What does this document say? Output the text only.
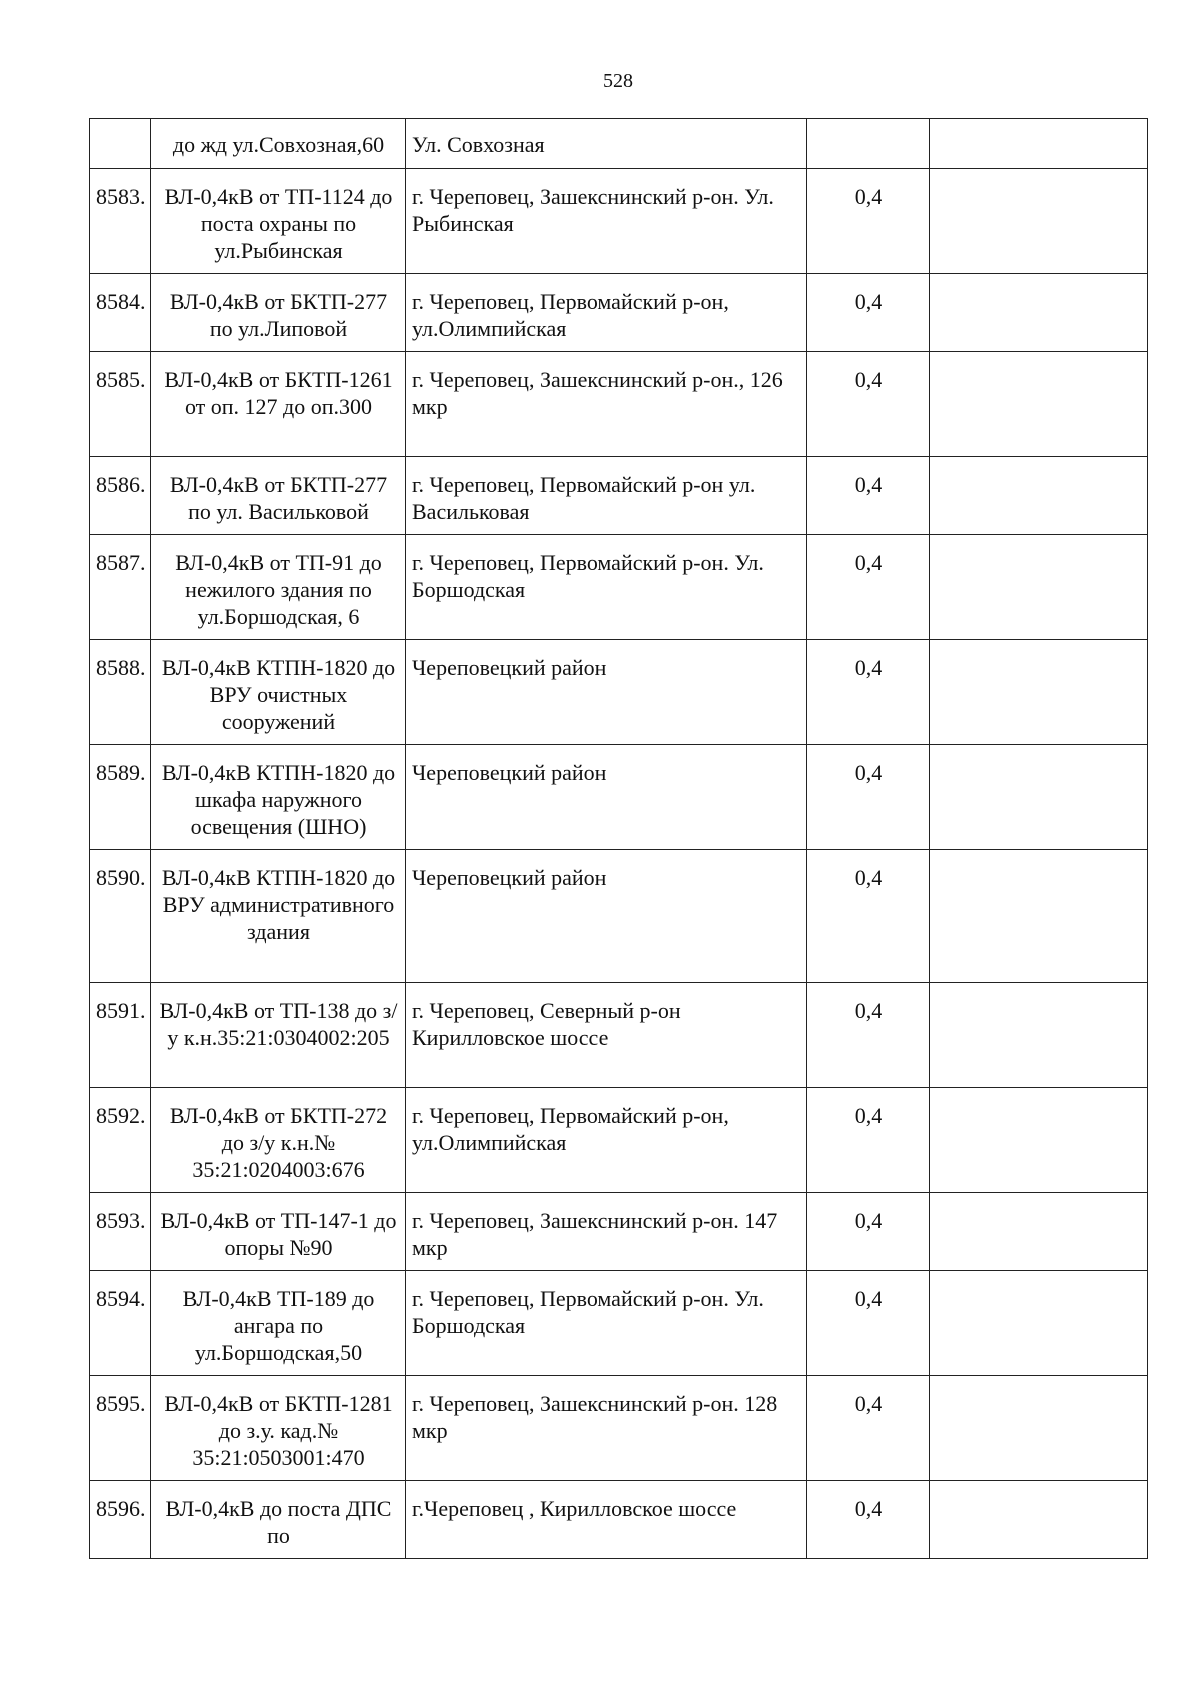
528
	до жд ул.Совхозная,60	Ул. Совхозная		
8583.	ВЛ-0,4кВ от ТП-1124 до поста охраны по ул.Рыбинская	г. Череповец, Зашекснинский р-он. Ул. Рыбинская	0,4	
8584.	ВЛ-0,4кВ от БКТП-277 по ул.Липовой	г. Череповец, Первомайский р-он, ул.Олимпийская	0,4	
8585.	ВЛ-0,4кВ от БКТП-1261 от оп. 127 до оп.300	г. Череповец, Зашекснинский р-он., 126 мкр	0,4	
8586.	ВЛ-0,4кВ от БКТП-277 по ул. Васильковой	г. Череповец, Первомайский р-он ул. Васильковая	0,4	
8587.	ВЛ-0,4кВ от ТП-91 до нежилого здания по ул.Боршодская, 6	г. Череповец, Первомайский р-он. Ул. Боршодская	0,4	
8588.	ВЛ-0,4кВ КТПН-1820 до ВРУ очистных сооружений	Череповецкий район	0,4	
8589.	ВЛ-0,4кВ КТПН-1820 до шкафа наружного освещения (ШНО)	Череповецкий район	0,4	
8590.	ВЛ-0,4кВ КТПН-1820 до ВРУ административного здания	Череповецкий район	0,4	
8591.	ВЛ-0,4кВ от ТП-138 до з/у к.н.35:21:0304002:205	г. Череповец, Северный р-он Кирилловское шоссе	0,4	
8592.	ВЛ-0,4кВ от БКТП-272 до з/у к.н.№ 35:21:0204003:676	г. Череповец, Первомайский р-он, ул.Олимпийская	0,4	
8593.	ВЛ-0,4кВ от ТП-147-1 до опоры №90	г. Череповец, Зашекснинский р-он. 147 мкр	0,4	
8594.	ВЛ-0,4кВ ТП-189 до ангара по ул.Боршодская,50	г. Череповец, Первомайский р-он. Ул. Боршодская	0,4	
8595.	ВЛ-0,4кВ от БКТП-1281 до з.у. кад.№ 35:21:0503001:470	г. Череповец, Зашекснинский р-он. 128 мкр	0,4	
8596.	ВЛ-0,4кВ до поста ДПС по	г.Череповец , Кирилловское шоссе	0,4	
